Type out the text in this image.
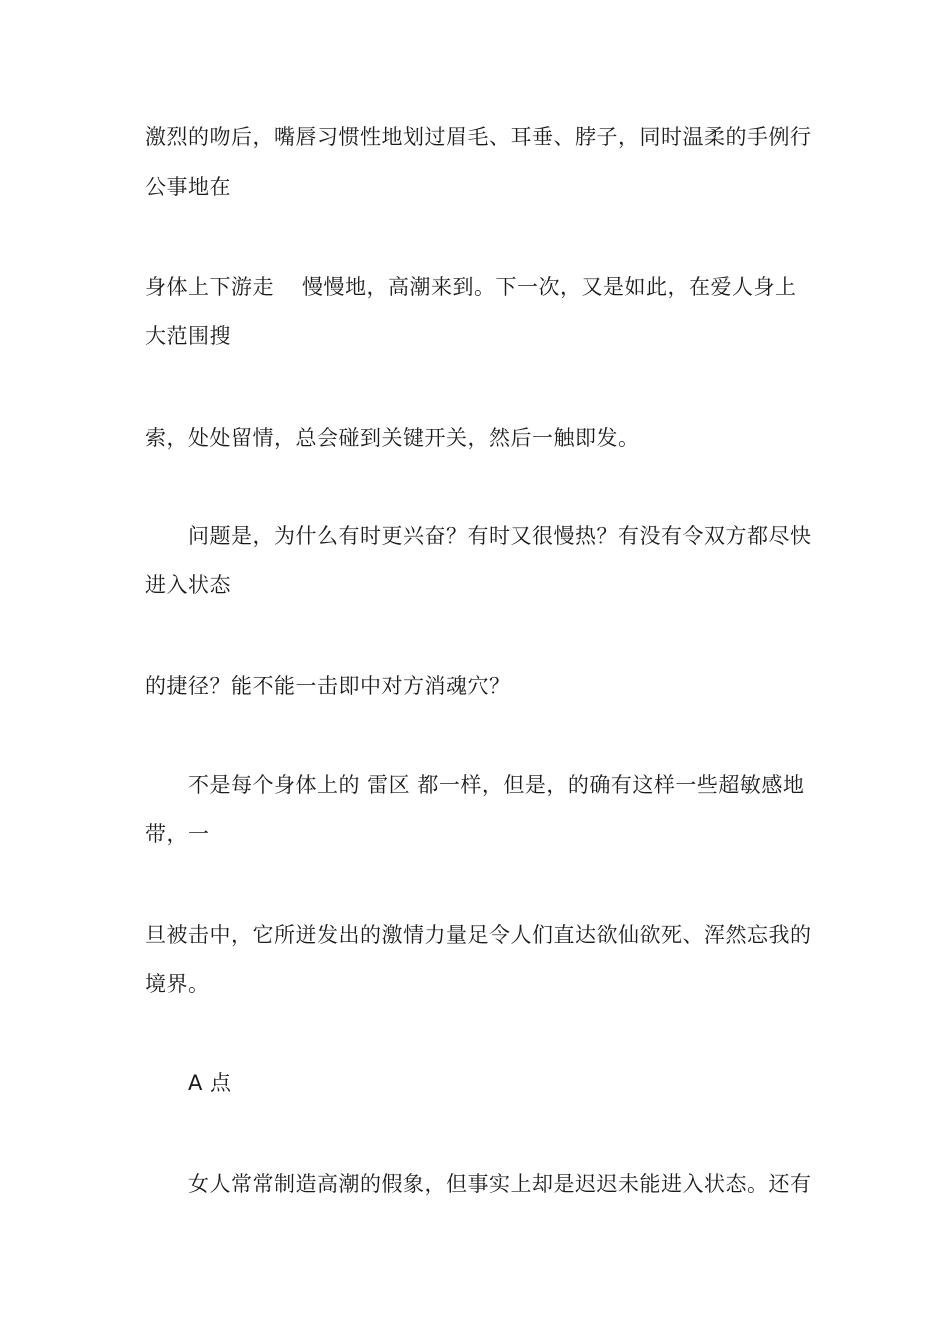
激烈的吻后，嘴唇习惯性地划过眉毛、耳垂、脖子，同时温柔的手例行
公事地在
身体上下游走 慢慢地，高潮来到。下一次，又是如此，在爱人身上
大范围搜
索，处处留情，总会碰到关键开关，然后一触即发。
问题是，为什么有时更兴奋？有时又很慢热？有没有令双方都尽快
进入状态
的捷径？能不能一击即中对方消魂穴？
不是每个身体上的 雷区 都一样，但是，的确有这样一些超敏感地
带，一
旦被击中，它所迸发出的激情力量足令人们直达欲仙欲死、浑然忘我的
境界。
A 点
女人常常制造高潮的假象，但事实上却是迟迟未能进入状态。还有
